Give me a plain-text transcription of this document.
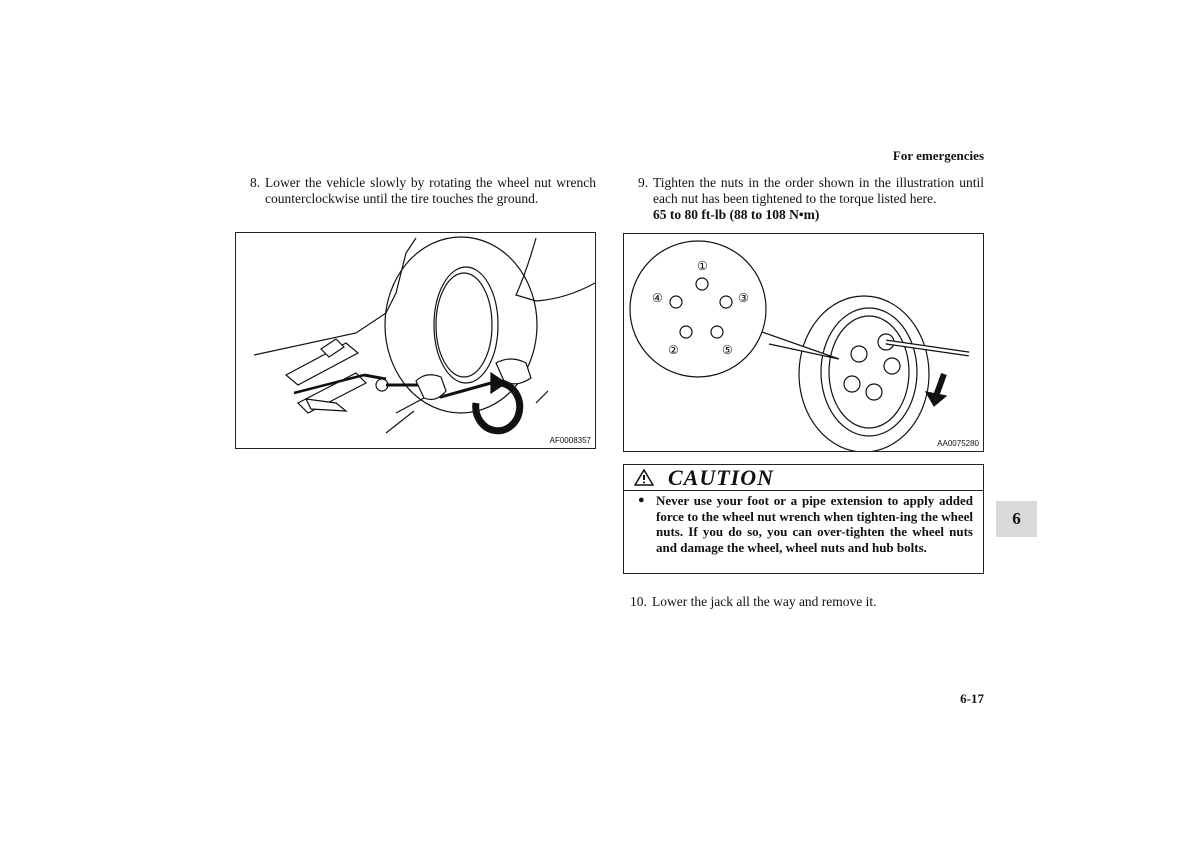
For emergencies
8. Lower the vehicle slowly by rotating the wheel nut wrench counterclockwise until the tire touches the ground.
9. Tighten the nuts in the order shown in the illustration until each nut has been tightened to the torque listed here.
65 to 80 ft-lb (88 to 108 N•m)
AF0008357
①
④	③
②	⑤
AA0075280
CAUTION
● Never use your foot or a pipe extension to apply added force to the wheel nut wrench when tighten-ing the wheel nuts. If you do so, you can over-tighten the wheel nuts and damage the wheel, wheel nuts and hub bolts.
10. Lower the jack all the way and remove it.
6
6-17
